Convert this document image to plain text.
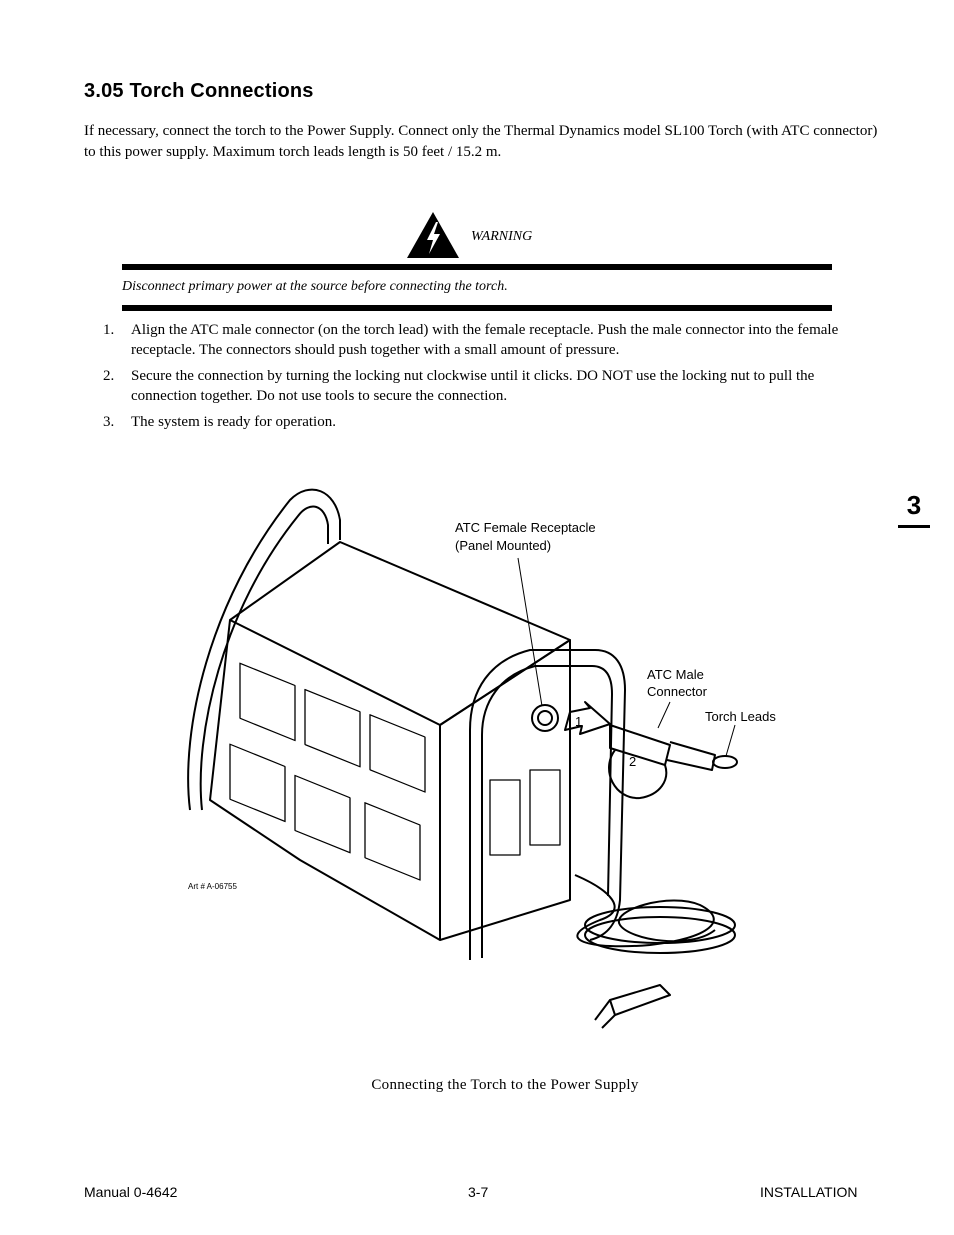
3.05 Torch Connections
If necessary, connect the torch to the Power Supply. Connect only the Thermal Dynamics model SL100 Torch (with ATC connector) to this power supply. Maximum torch leads length is 50 feet / 15.2 m.
WARNING
Disconnect primary power at the source before connecting the torch.
1. Align the ATC male connector (on the torch lead) with the female receptacle. Push the male connector into the female receptacle. The connectors should push together with a small amount of pressure.
2. Secure the connection by turning the locking nut clockwise until it clicks. DO NOT use the locking nut to pull the connection together. Do not use tools to secure the connection.
3. The system is ready for operation.
3
ATC Female Receptacle
(Panel Mounted)
ATC Male
Connector
Torch Leads
1
2
Art # A-06755
Connecting the Torch to the Power Supply
Manual 0-4642	3-7	INSTALLATION
